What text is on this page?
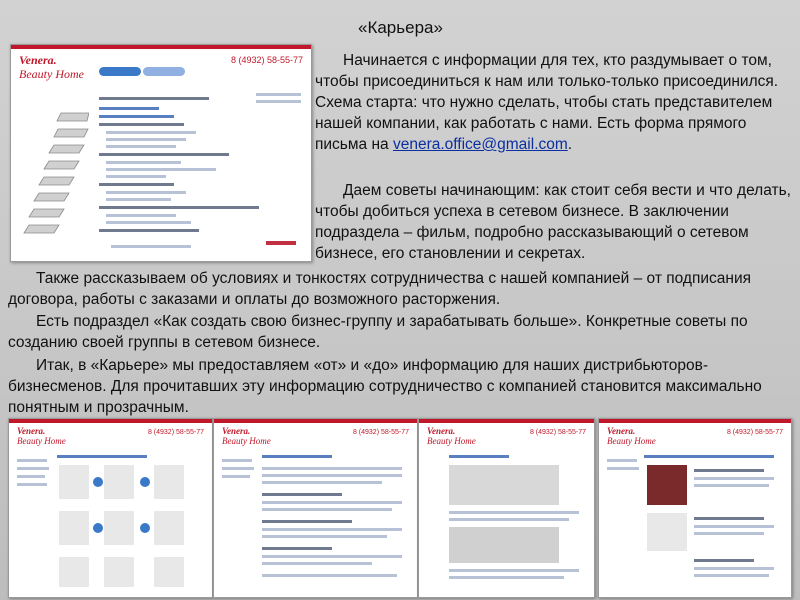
«Карьера»

Начинается с информации для тех, кто раздумывает о том, чтобы присоединиться к нам или только-только присоединился. Схема старта: что нужно сделать, чтобы стать представителем нашей компании, как работать с нами. Есть форма прямого письма на venera.office@gmail.com.

Даем советы начинающим: как стоит себя вести и что делать, чтобы добиться успеха в сетевом бизнесе. В заключении подраздела – фильм, подробно рассказывающий о сетевом бизнесе, его становлении и секретах.

Также рассказываем об условиях и тонкостях сотрудничества с нашей компанией – от подписания договора, работы с заказами и оплаты до возможного расторжения.

Есть подраздел «Как создать свою бизнес-группу и зарабатывать больше». Конкретные советы по созданию своей группы в сетевом бизнесе.

Итак, в «Карьере» мы предоставляем «от» и «до» информацию для наших дистрибьюторов-бизнесменов. Для прочитавших эту информацию сотрудничество с компанией становится максимально понятным и прозрачным.

Venera.
Beauty Home
8 (4932) 58-55-77
Venera.
Beauty Home
8 (4932) 58-55-77 Venera.
Beauty Home
8 (4932) 58-55-77 Venera.
Beauty Home
8 (4932) 58-55-77 Venera.
Beauty Home
8 (4932) 58-55-77
